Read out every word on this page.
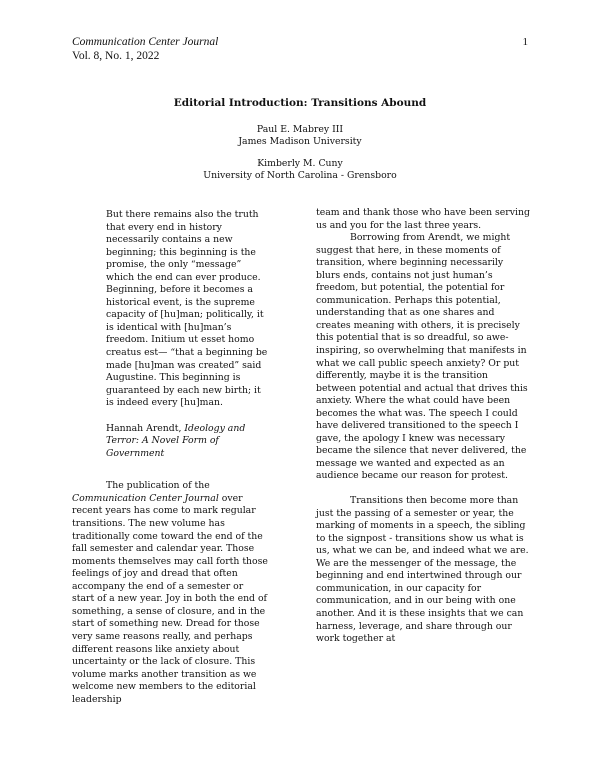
Communication Center Journal
Vol. 8, No. 1, 2022
1
Editorial Introduction: Transitions Abound
Paul E. Mabrey III
James Madison University
Kimberly M. Cuny
University of North Carolina - Grensboro

But there remains also the truth that every end in history necessarily contains a new beginning; this beginning is the promise, the only “message” which the end can ever produce. Beginning, before it becomes a historical event, is the supreme capacity of [hu]man; politically, it is identical with [hu]man’s freedom. Initium ut esset homo creatus est— “that a beginning be made [hu]man was created” said Augustine. This beginning is guaranteed by each new birth; it is indeed every [hu]man.

Hannah Arendt, Ideology and Terror: A Novel Form of Government

The publication of the Communication Center Journal over recent years has come to mark regular transitions. The new volume has traditionally come toward the end of the fall semester and calendar year. Those moments themselves may call forth those feelings of joy and dread that often accompany the end of a semester or start of a new year. Joy in both the end of something, a sense of closure, and in the start of something new. Dread for those very same reasons really, and perhaps different reasons like anxiety about uncertainty or the lack of closure. This volume marks another transition as we welcome new members to the editorial leadership

team and thank those who have been serving us and you for the last three years.

Borrowing from Arendt, we might suggest that here, in these moments of transition, where beginning necessarily blurs ends, contains not just human’s freedom, but potential, the potential for communication. Perhaps this potential, understanding that as one shares and creates meaning with others, it is precisely this potential that is so dreadful, so awe-inspiring, so overwhelming that manifests in what we call public speech anxiety? Or put differently, maybe it is the transition between potential and actual that drives this anxiety. Where the what could have been becomes the what was. The speech I could have delivered transitioned to the speech I gave, the apology I knew was necessary became the silence that never delivered, the message we wanted and expected as an audience became our reason for protest.

Transitions then become more than just the passing of a semester or year, the marking of moments in a speech, the sibling to the signpost - transitions show us what is us, what we can be, and indeed what we are. We are the messenger of the message, the beginning and end intertwined through our communication, in our capacity for communication, and in our being with one another. And it is these insights that we can harness, leverage, and share through our work together at
